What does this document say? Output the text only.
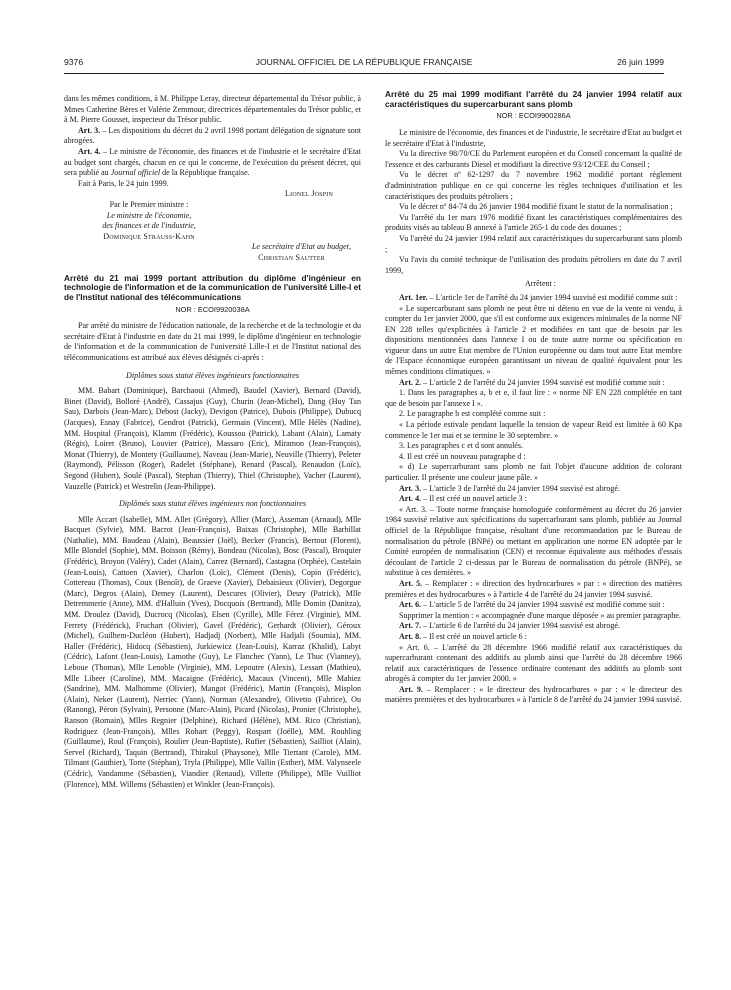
9376	JOURNAL OFFICIEL DE LA RÉPUBLIQUE FRANÇAISE	26 juin 1999

dans les mêmes conditions, à M. Philippe Leray, directeur départemental du Trésor public, à Mmes Catherine Bères et Valérie Zemmour, directrices départementales du Trésor public, et à M. Pierre Gousset, inspecteur du Trésor public.

Art. 3. – Les dispositions du décret du 2 avril 1998 portant délégation de signature sont abrogées.

Art. 4. – Le ministre de l'économie, des finances et de l'industrie et le secrétaire d'Etat au budget sont chargés, chacun en ce qui le concerne, de l'exécution du présent décret, qui sera publié au Journal officiel de la République française.

Fait à Paris, le 24 juin 1999.

Lionel Jospin

Par le Premier ministre :
Le ministre de l'économie,
des finances et de l'industrie,
Dominique Strauss-Kahn
Le secrétaire d'Etat au budget,
Christian Sautter
Arrêté du 21 mai 1999 portant attribution du diplôme d'ingénieur en technologie de l'information et de la communication de l'université Lille-I et de l'Institut national des télécommunications
NOR : ECOI9920038A

Par arrêté du ministre de l'éducation nationale, de la recherche et de la technologie et du secrétaire d'Etat à l'industrie en date du 21 mai 1999, le diplôme d'ingénieur en technologie de l'information et de la communication de l'université Lille-I et de l'Institut national des télécommunications est attribué aux élèves désignés ci-après :

Diplômes sous statut élèves ingénieurs fonctionnaires

MM. Babart (Dominique), Barchaoui (Ahmed), Baudel (Xavier), Bernard (David), Binet (David), Bolloré (André), Cassajus (Guy), Churin (Jean-Michel), Dang (Huy Tan Sau), Darbois (Jean-Marc), Debost (Jacky), Devigon (Patrice), Dubois (Philippe), Dubucq (Jacques), Esnay (Fabrice), Gendrot (Patrick), Germain (Vincent), Mlle Hélès (Nadine), MM. Hospital (François), Klamm (Frédéric), Koussou (Patrick), Labant (Alain), Lamaty (Régis), Loiret (Bruno), Louvier (Patrice), Massaro (Eric), Miramon (Jean-François), Monat (Thierry), de Montety (Guillaume), Naveau (Jean-Marie), Neuville (Thierry), Peleter (Raymond), Pélisson (Roger), Radelet (Stéphane), Renard (Pascal), Renaudon (Loïc), Segond (Hubert), Soulé (Pascal), Stephan (Thierry), Thiel (Christophe), Vacher (Laurent), Vauzelle (Patrick) et Westrelin (Jean-Philippe).

Diplômés sous statut élèves ingénieurs non fonctionnaires

Mlle Accart (Isabelle), MM. Allet (Grégory), Allier (Marc), Asseman (Arnaud), Mlle Bacquet (Sylvie), MM. Bacrot (Jean-François), Baixas (Christophe), Mlle Barbillat (Nathalie), MM. Baudeau (Alain), Beaussier (Joël), Becker (Francis), Bertout (Florent), Mlle Blondel (Sophie), MM. Boisson (Rémy), Bondeau (Nicolas), Bosc (Pascal), Broquier (Frédéric), Broyon (Valéry), Cadet (Alain), Carrez (Bernard), Castagna (Orphée), Castelain (Jean-Louis), Cattoen (Xavier), Charlon (Loïc), Clément (Denis), Copin (Frédéric), Cottereau (Thomas), Coux (Benoît), de Graeve (Xavier), Debaisieux (Olivier), Degorgue (Marc), Degros (Alain), Demey (Laurent), Descures (Olivier), Desry (Patrick), Mlle Detremmerie (Anne), MM. d'Halluin (Yves), Docquois (Bertrand), Mlle Domin (Danitza), MM. Droulez (David), Ducrocq (Nicolas), Elsen (Cyrille), Mlle Férez (Virginie), MM. Ferrety (Frédérick), Fruchart (Olivier), Gavel (Frédéric), Gerhardt (Olivier), Géroux (Michel), Guilhem-Ducléon (Hubert), Hadjadj (Norbert), Mlle Hadjali (Soumia), MM. Haller (Frédéric), Hidocq (Sébastien), Jurkiewicz (Jean-Louis), Karraz (Khalid), Labyt (Cédric), Lafont (Jean-Louis), Lamothe (Guy), Le Flanchec (Yann), Le Thuc (Vianney), Leboue (Thomas), Mlle Lenoble (Virginie), MM. Lepoutre (Alexis), Lessart (Mathieu), Mlle Libeer (Caroline), MM. Macaigne (Frédéric), Macaux (Vincent), Mlle Mahiez (Sandrine), MM. Malhomme (Olivier), Mangot (Frédéric), Martin (François), Misplon (Alain), Neker (Laurent), Nerriec (Yann), Norman (Alexandre), Olivetto (Fabrice), Ou (Ranong), Péron (Sylvain), Personne (Marc-Alain), Picard (Nicolas), Pronier (Christophe), Ranson (Romain), Mlles Regnier (Delphine), Richard (Hélène), MM. Rico (Christian), Rodriguez (Jean-François), Mlles Rohart (Peggy), Rospart (Joëlle), MM. Rouhling (Guillaume), Roul (François), Roulier (Jean-Baptiste), Rufier (Sébastien), Sailliot (Alain), Servel (Richard), Taquin (Bertrand), Thirakul (Phaysone), Mlle Tiertant (Carole), MM. Tilmant (Gauthier), Torte (Stéphan), Tryla (Philippe), Mlle Vallin (Esther), MM. Valynseele (Cédric), Vandamme (Sébastien), Viandier (Renaud), Villette (Philippe), Mlle Vuilliot (Florence), MM. Willems (Sébastien) et Winkler (Jean-François).

Arrêté du 25 mai 1999 modifiant l'arrêté du 24 janvier 1994 relatif aux caractéristiques du supercarburant sans plomb
NOR : ECOI9900286A

Le ministre de l'économie, des finances et de l'industrie, le secrétaire d'Etat au budget et le secrétaire d'Etat à l'industrie,

Vu la directive 98/70/CE du Parlement européen et du Conseil concernant la qualité de l'essence et des carburants Diesel et modifiant la directive 93/12/CEE du Conseil ;

Vu le décret nº 62-1297 du 7 novembre 1962 modifié portant règlement d'administration publique en ce qui concerne les règles techniques d'utilisation et les caractéristiques des produits pétroliers ;

Vu le décret nº 84-74 du 26 janvier 1984 modifié fixant le statut de la normalisation ;

Vu l'arrêté du 1er mars 1976 modifié fixant les caractéristiques complémentaires des produits visés au tableau B annexé à l'article 265-1 du code des douanes ;

Vu l'arrêté du 24 janvier 1994 relatif aux caractéristiques du supercarburant sans plomb ;

Vu l'avis du comité technique de l'utilisation des produits pétroliers en date du 7 avril 1999,

Arrêtent :

Art. 1er. – L'article 1er de l'arrêté du 24 janvier 1994 susvisé est modifié comme suit :

« Le supercarburant sans plomb ne peut être ni détenu en vue de la vente ni vendu, à compter du 1er janvier 2000, que s'il est conforme aux exigences minimales de la norme NF EN 228 telles qu'explicitées à l'article 2 et modifiées en tant que de besoin par les dispositions mentionnées dans l'annexe I ou de toute autre norme ou spécification en vigueur dans un autre Etat membre de l'Union européenne ou dans tout autre Etat membre de l'Espace économique européen garantissant un niveau de qualité équivalent pour les mêmes conditions climatiques. »

Art. 2. – L'article 2 de l'arrêté du 24 janvier 1994 susvisé est modifié comme suit :

1. Dans les paragraphes a, b et e, il faut lire : « norme NF EN 228 complétée en tant que de besoin par l'annexe I ».

2. Le paragraphe b est complété comme suit :

« La période estivale pendant laquelle la tension de vapeur Reid est limitée à 60 Kpa commence le 1er mai et se termine le 30 septembre. »

3. Les paragraphes c et d sont annulés.

4. Il est créé un nouveau paragraphe d :

« d) Le supercarburant sans plomb ne fait l'objet d'aucune addition de colorant particulier. Il présente une couleur jaune pâle. »

Art. 3. – L'article 3 de l'arrêté du 24 janvier 1994 susvisé est abrogé.

Art. 4. – Il est créé un nouvel article 3 :

« Art. 3. – Toute norme française homologuée conformément au décret du 26 janvier 1984 susvisé relative aux spécifications du supercarburant sans plomb, publiée au Journal officiel de la République française, résultant d'une recommandation par le Bureau de normalisation du pétrole (BNPé) ou mettant en application une norme EN adoptée par le Comité européen de normalisation (CEN) et reconnue équivalente aux méthodes d'essais découlant de l'article 2 ci-dessus par le Bureau de normalisation du pétrole (BNPé), se substitue à ces dernières. »

Art. 5. – Remplacer : « direction des hydrocarbures » par : « direction des matières premières et des hydrocarbures » à l'article 4 de l'arrêté du 24 janvier 1994 susvisé.

Art. 6. – L'article 5 de l'arrêté du 24 janvier 1994 susvisé est modifié comme suit :

Supprimer la mention : « accompagnée d'une marque déposée » au premier paragraphe.

Art. 7. – L'article 6 de l'arrêté du 24 janvier 1994 susvisé est abrogé.

Art. 8. – Il est créé un nouvel article 6 :

« Art. 6. – L'arrêté du 28 décembre 1966 modifié relatif aux caractéristiques du supercarburant contenant des additifs au plomb ainsi que l'arrêté du 28 décembre 1966 relatif aux caractéristiques de l'essence ordinaire contenant des additifs au plomb sont abrogés à compter du 1er janvier 2000. »

Art. 9. – Remplacer : « le directeur des hydrocarbures » par : « le directeur des matières premières et des hydrocarbures » à l'article 8 de l'arrêté du 24 janvier 1994 susvisé.
